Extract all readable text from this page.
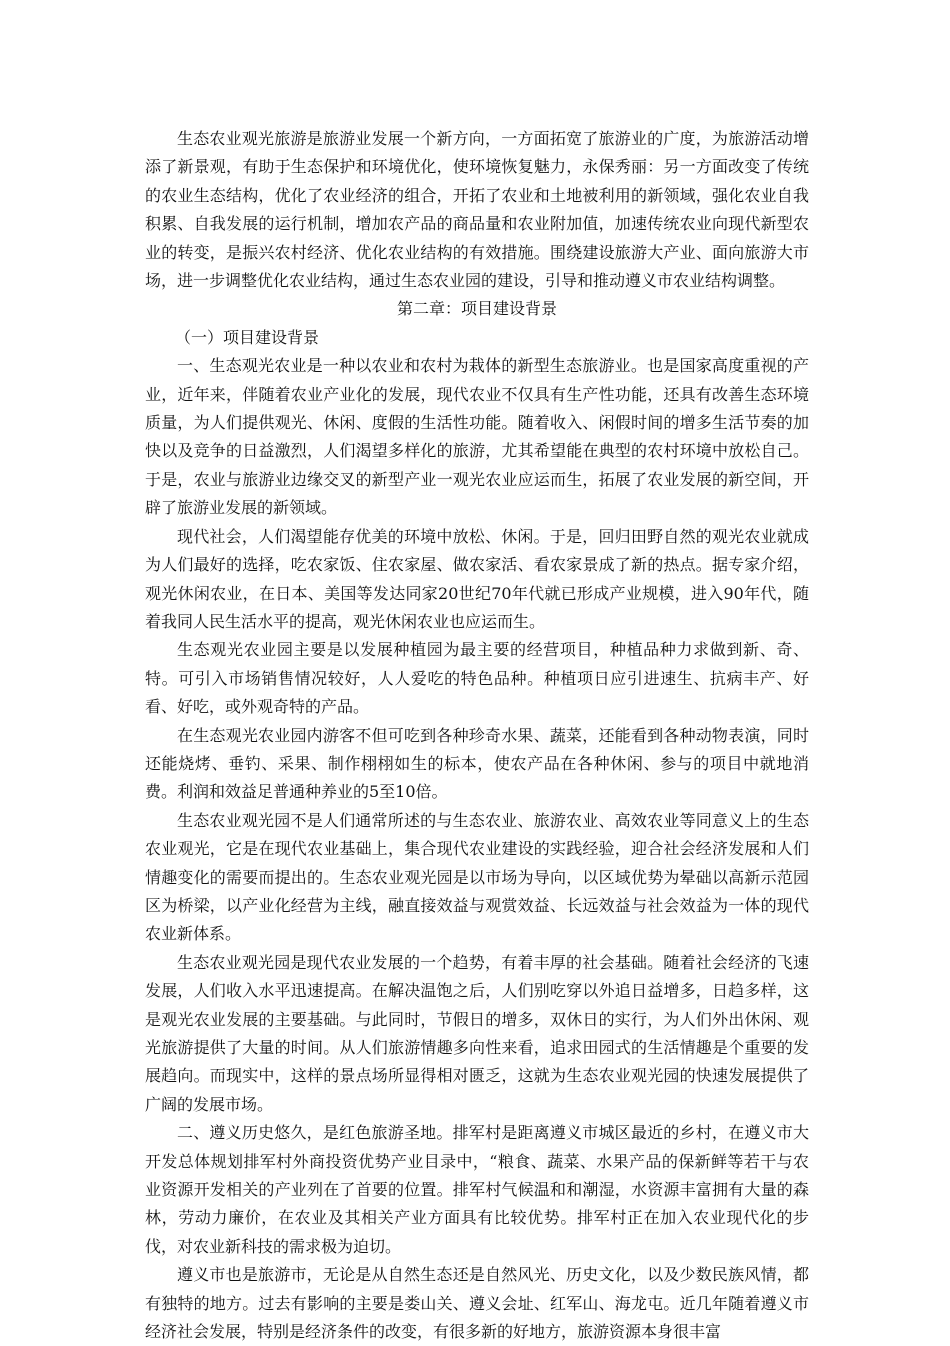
生态农业观光旅游是旅游业发展一个新方向，一方面拓宽了旅游业的广度，为旅游活动增添了新景观，有助于生态保护和环境优化，使环境恢复魅力，永保秀丽：另一方面改变了传统的农业生态结构，优化了农业经济的组合，开拓了农业和土地被利用的新领域，强化农业自我积累、自我发展的运行机制，增加农产品的商品量和农业附加值，加速传统农业向现代新型农业的转变，是振兴农村经济、优化农业结构的有效措施。围绕建设旅游大产业、面向旅游大市场，进一步调整优化农业结构，通过生态农业园的建设，引导和推动遵义市农业结构调整。

第二章：项目建设背景
（一）项目建设背景

一、生态观光农业是一种以农业和农村为栽体的新型生态旅游业。也是国家高度重视的产业，近年来，伴随着农业产业化的发展，现代农业不仅具有生产性功能，还具有改善生态环境质量，为人们提供观光、休闲、度假的生活性功能。随着收入、闲假时间的增多生活节奏的加快以及竞争的日益激烈，人们渴望多样化的旅游，尤其希望能在典型的农村环境中放松自己。于是，农业与旅游业边缘交叉的新型产业一观光农业应运而生，拓展了农业发展的新空间，开辟了旅游业发展的新领域。

现代社会，人们渴望能存优美的环境中放松、休闲。于是，回归田野自然的观光农业就成为人们最好的选择，吃农家饭、住农家屋、做农家活、看农家景成了新的热点。据专家介绍，观光休闲农业，在日本、美国等发达同家20世纪70年代就已形成产业规模，进入90年代，随着我同人民生活水平的提高，观光休闲农业也应运而生。

生态观光农业园主要是以发展种植园为最主要的经营项目，种植品种力求做到新、奇、特。可引入市场销售情况较好，人人爱吃的特色品种。种植项日应引进速生、抗病丰产、好看、好吃，或外观奇特的产品。

在生态观光农业园内游客不但可吃到各种珍奇水果、蔬菜，还能看到各种动物表演，同时还能烧烤、垂钓、采果、制作栩栩如生的标本，使农产品在各种休闲、参与的项目中就地消费。利润和效益足普通种养业的5至10倍。

生态农业观光园不是人们通常所述的与生态农业、旅游农业、高效农业等同意义上的生态农业观光，它是在现代农业基础上，集合现代农业建设的实践经验，迎合社会经济发展和人们情趣变化的需要而提出的。生态农业观光园是以市场为导向，以区域优势为晕础以高新示范园区为桥梁，以产业化经营为主线，融直接效益与观赏效益、长远效益与社会效益为一体的现代农业新体系。

生态农业观光园是现代农业发展的一个趋势，有着丰厚的社会基础。随着社会经济的飞速发展，人们收入水平迅速提高。在解决温饱之后，人们别吃穿以外追日益增多，日趋多样，这是观光农业发展的主要基础。与此同时，节假日的增多，双休日的实行，为人们外出休闲、观光旅游提供了大量的时间。从人们旅游情趣多向性来看，追求田园式的生活情趣是个重要的发展趋向。而现实中，这样的景点场所显得相对匮乏，这就为生态农业观光园的快速发展提供了广阔的发展市场。

二、遵义历史悠久，是红色旅游圣地。排军村是距离遵义市城区最近的乡村，在遵义市大开发总体规划排军村外商投资优势产业目录中，“粮食、蔬菜、水果产品的保新鲜等若干与农业资源开发相关的产业列在了首要的位置。排军村气候温和和潮湿，水资源丰富拥有大量的森林，劳动力廉价，在农业及其相关产业方面具有比较优势。排军村正在加入农业现代化的步伐，对农业新科技的需求极为迫切。

遵义市也是旅游市，无论是从自然生态还是自然风光、历史文化，以及少数民族风情，都有独特的地方。过去有影响的主要是娄山关、遵义会址、红军山、海龙屯。近几年随着遵义市经济社会发展，特别是经济条件的改变，有很多新的好地方，旅游资源本身很丰富
